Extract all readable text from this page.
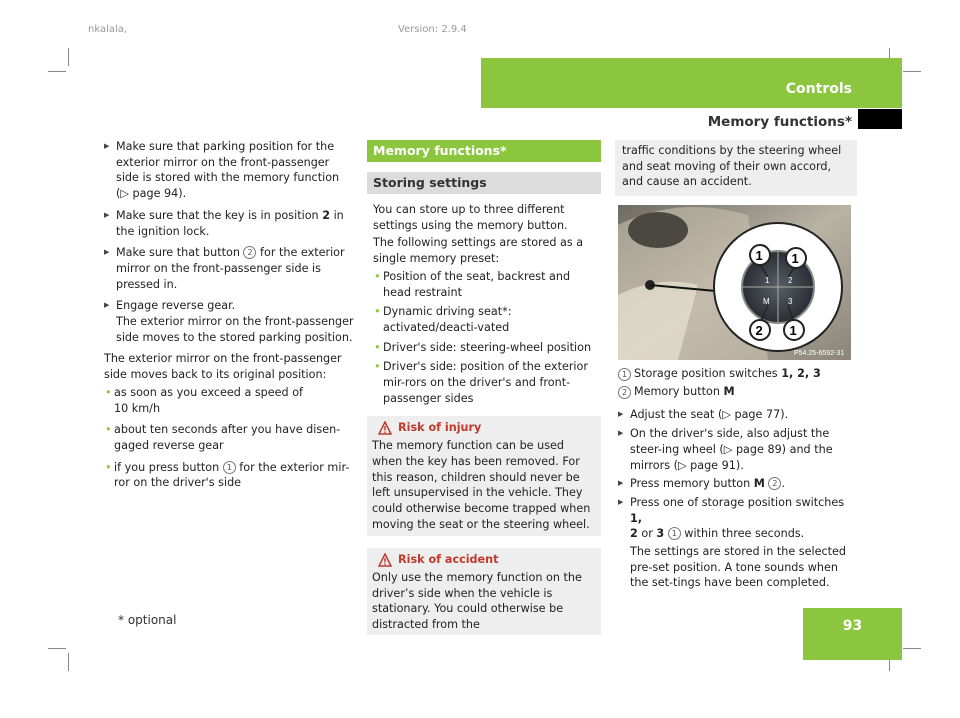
nkalala,	Version: 2.9.4
Controls
Memory functions*
▶ Make sure that parking position for the exterior mirror on the front-passenger side is stored with the memory function
(▷ page 94).
▶ Make sure that the key is in position 2 in the ignition lock.
▶ Make sure that button 2 for the exterior mirror on the front-passenger side is pressed in.
▶ Engage reverse gear.
The exterior mirror on the front-passenger side moves to the stored parking position.

The exterior mirror on the front-passenger side moves back to its original position:

• as soon as you exceed a speed of
10 km/h
• about ten seconds after you have disen-gaged reverse gear
• if you press button 1 for the exterior mir-ror on the driver's side
Memory functions*
Storing settings

You can store up to three different settings using the memory button.

The following settings are stored as a single memory preset:

• Position of the seat, backrest and head restraint
• Dynamic driving seat*: activated/deacti-vated
• Driver's side: steering-wheel position
• Driver's side: position of the exterior mir-rors on the driver's and front-passenger sides
Risk of injury
The memory function can be used when the key has been removed. For this reason, children should never be left unsupervised in the vehicle. They could otherwise become trapped when moving the seat or the steering wheel.
Risk of accident
Only use the memory function on the driver’s side when the vehicle is stationary. You could otherwise be distracted from the
traffic conditions by the steering wheel and seat moving of their own accord, and cause an accident.
1 2
M 3
1 1
2 1
P54.25-6592-31
1 Storage position switches 1, 2, 3
2 Memory button M
▶ Adjust the seat (▷ page 77).
▶ On the driver's side, also adjust the steer-ing wheel (▷ page 89) and the mirrors (▷ page 91).
▶ Press memory button M 2 .
▶ Press one of storage position switches 1,
2 or 3 1 within three seconds.
The settings are stored in the selected pre-set position. A tone sounds when the set-tings have been completed.
* optional	93
